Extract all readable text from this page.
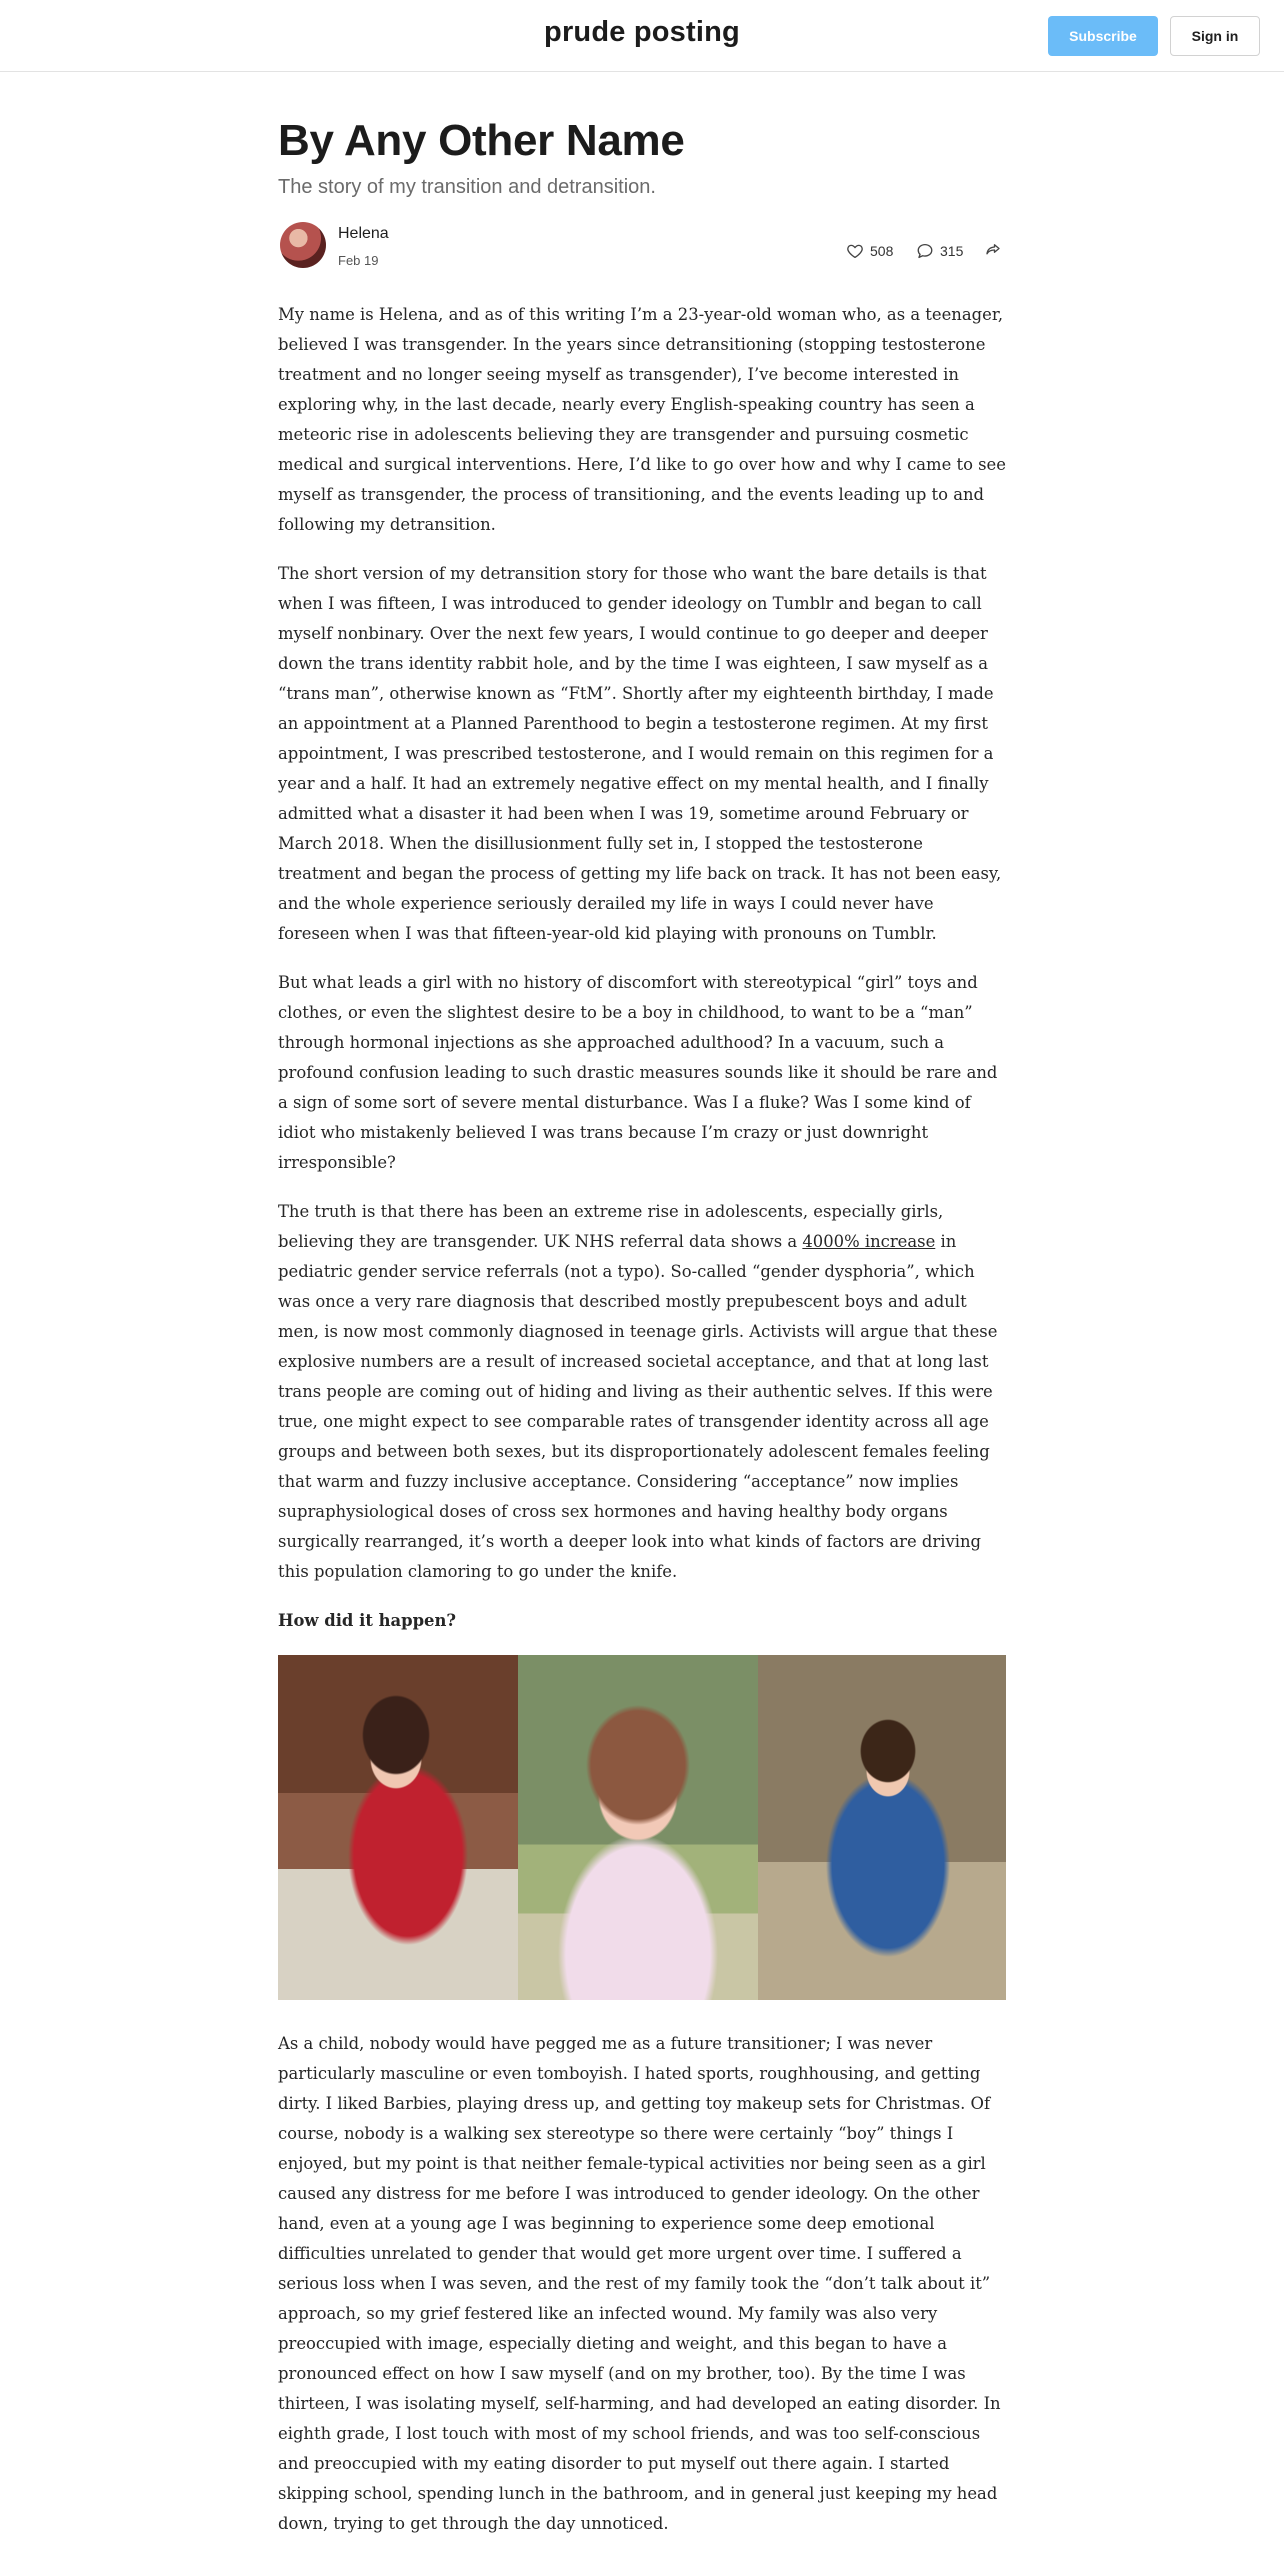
prude posting	Subscribe	Sign in
By Any Other Name
The story of my transition and detransition.
Helena
Feb 19
508	315

My name is Helena, and as of this writing I’m a 23-year-old woman who, as a teenager, believed I was transgender. In the years since detransitioning (stopping testosterone treatment and no longer seeing myself as transgender), I’ve become interested in exploring why, in the last decade, nearly every English-speaking country has seen a meteoric rise in adolescents believing they are transgender and pursuing cosmetic medical and surgical interventions. Here, I’d like to go over how and why I came to see myself as transgender, the process of transitioning, and the events leading up to and following my detransition.

The short version of my detransition story for those who want the bare details is that when I was fifteen, I was introduced to gender ideology on Tumblr and began to call myself nonbinary. Over the next few years, I would continue to go deeper and deeper down the trans identity rabbit hole, and by the time I was eighteen, I saw myself as a “trans man”, otherwise known as “FtM”. Shortly after my eighteenth birthday, I made an appointment at a Planned Parenthood to begin a testosterone regimen. At my first appointment, I was prescribed testosterone, and I would remain on this regimen for a year and a half. It had an extremely negative effect on my mental health, and I finally admitted what a disaster it had been when I was 19, sometime around February or March 2018. When the disillusionment fully set in, I stopped the testosterone treatment and began the process of getting my life back on track. It has not been easy, and the whole experience seriously derailed my life in ways I could never have foreseen when I was that fifteen-year-old kid playing with pronouns on Tumblr.

But what leads a girl with no history of discomfort with stereotypical “girl” toys and clothes, or even the slightest desire to be a boy in childhood, to want to be a “man” through hormonal injections as she approached adulthood? In a vacuum, such a profound confusion leading to such drastic measures sounds like it should be rare and a sign of some sort of severe mental disturbance. Was I a fluke? Was I some kind of idiot who mistakenly believed I was trans because I’m crazy or just downright irresponsible?

The truth is that there has been an extreme rise in adolescents, especially girls, believing they are transgender. UK NHS referral data shows a 4000% increase in pediatric gender service referrals (not a typo). So-called “gender dysphoria”, which was once a very rare diagnosis that described mostly prepubescent boys and adult men, is now most commonly diagnosed in teenage girls. Activists will argue that these explosive numbers are a result of increased societal acceptance, and that at long last trans people are coming out of hiding and living as their authentic selves. If this were true, one might expect to see comparable rates of transgender identity across all age groups and between both sexes, but its disproportionately adolescent females feeling that warm and fuzzy inclusive acceptance. Considering “acceptance” now implies supraphysiological doses of cross sex hormones and having healthy body organs surgically rearranged, it’s worth a deeper look into what kinds of factors are driving this population clamoring to go under the knife.

How did it happen?

As a child, nobody would have pegged me as a future transitioner; I was never particularly masculine or even tomboyish. I hated sports, roughhousing, and getting dirty. I liked Barbies, playing dress up, and getting toy makeup sets for Christmas. Of course, nobody is a walking sex stereotype so there were certainly “boy” things I enjoyed, but my point is that neither female-typical activities nor being seen as a girl caused any distress for me before I was introduced to gender ideology. On the other hand, even at a young age I was beginning to experience some deep emotional difficulties unrelated to gender that would get more urgent over time. I suffered a serious loss when I was seven, and the rest of my family took the “don’t talk about it” approach, so my grief festered like an infected wound. My family was also very preoccupied with image, especially dieting and weight, and this began to have a pronounced effect on how I saw myself (and on my brother, too). By the time I was thirteen, I was isolating myself, self-harming, and had developed an eating disorder. In eighth grade, I lost touch with most of my school friends, and was too self-conscious and preoccupied with my eating disorder to put myself out there again. I started skipping school, spending lunch in the bathroom, and in general just keeping my head down, trying to get through the day unnoticed.
